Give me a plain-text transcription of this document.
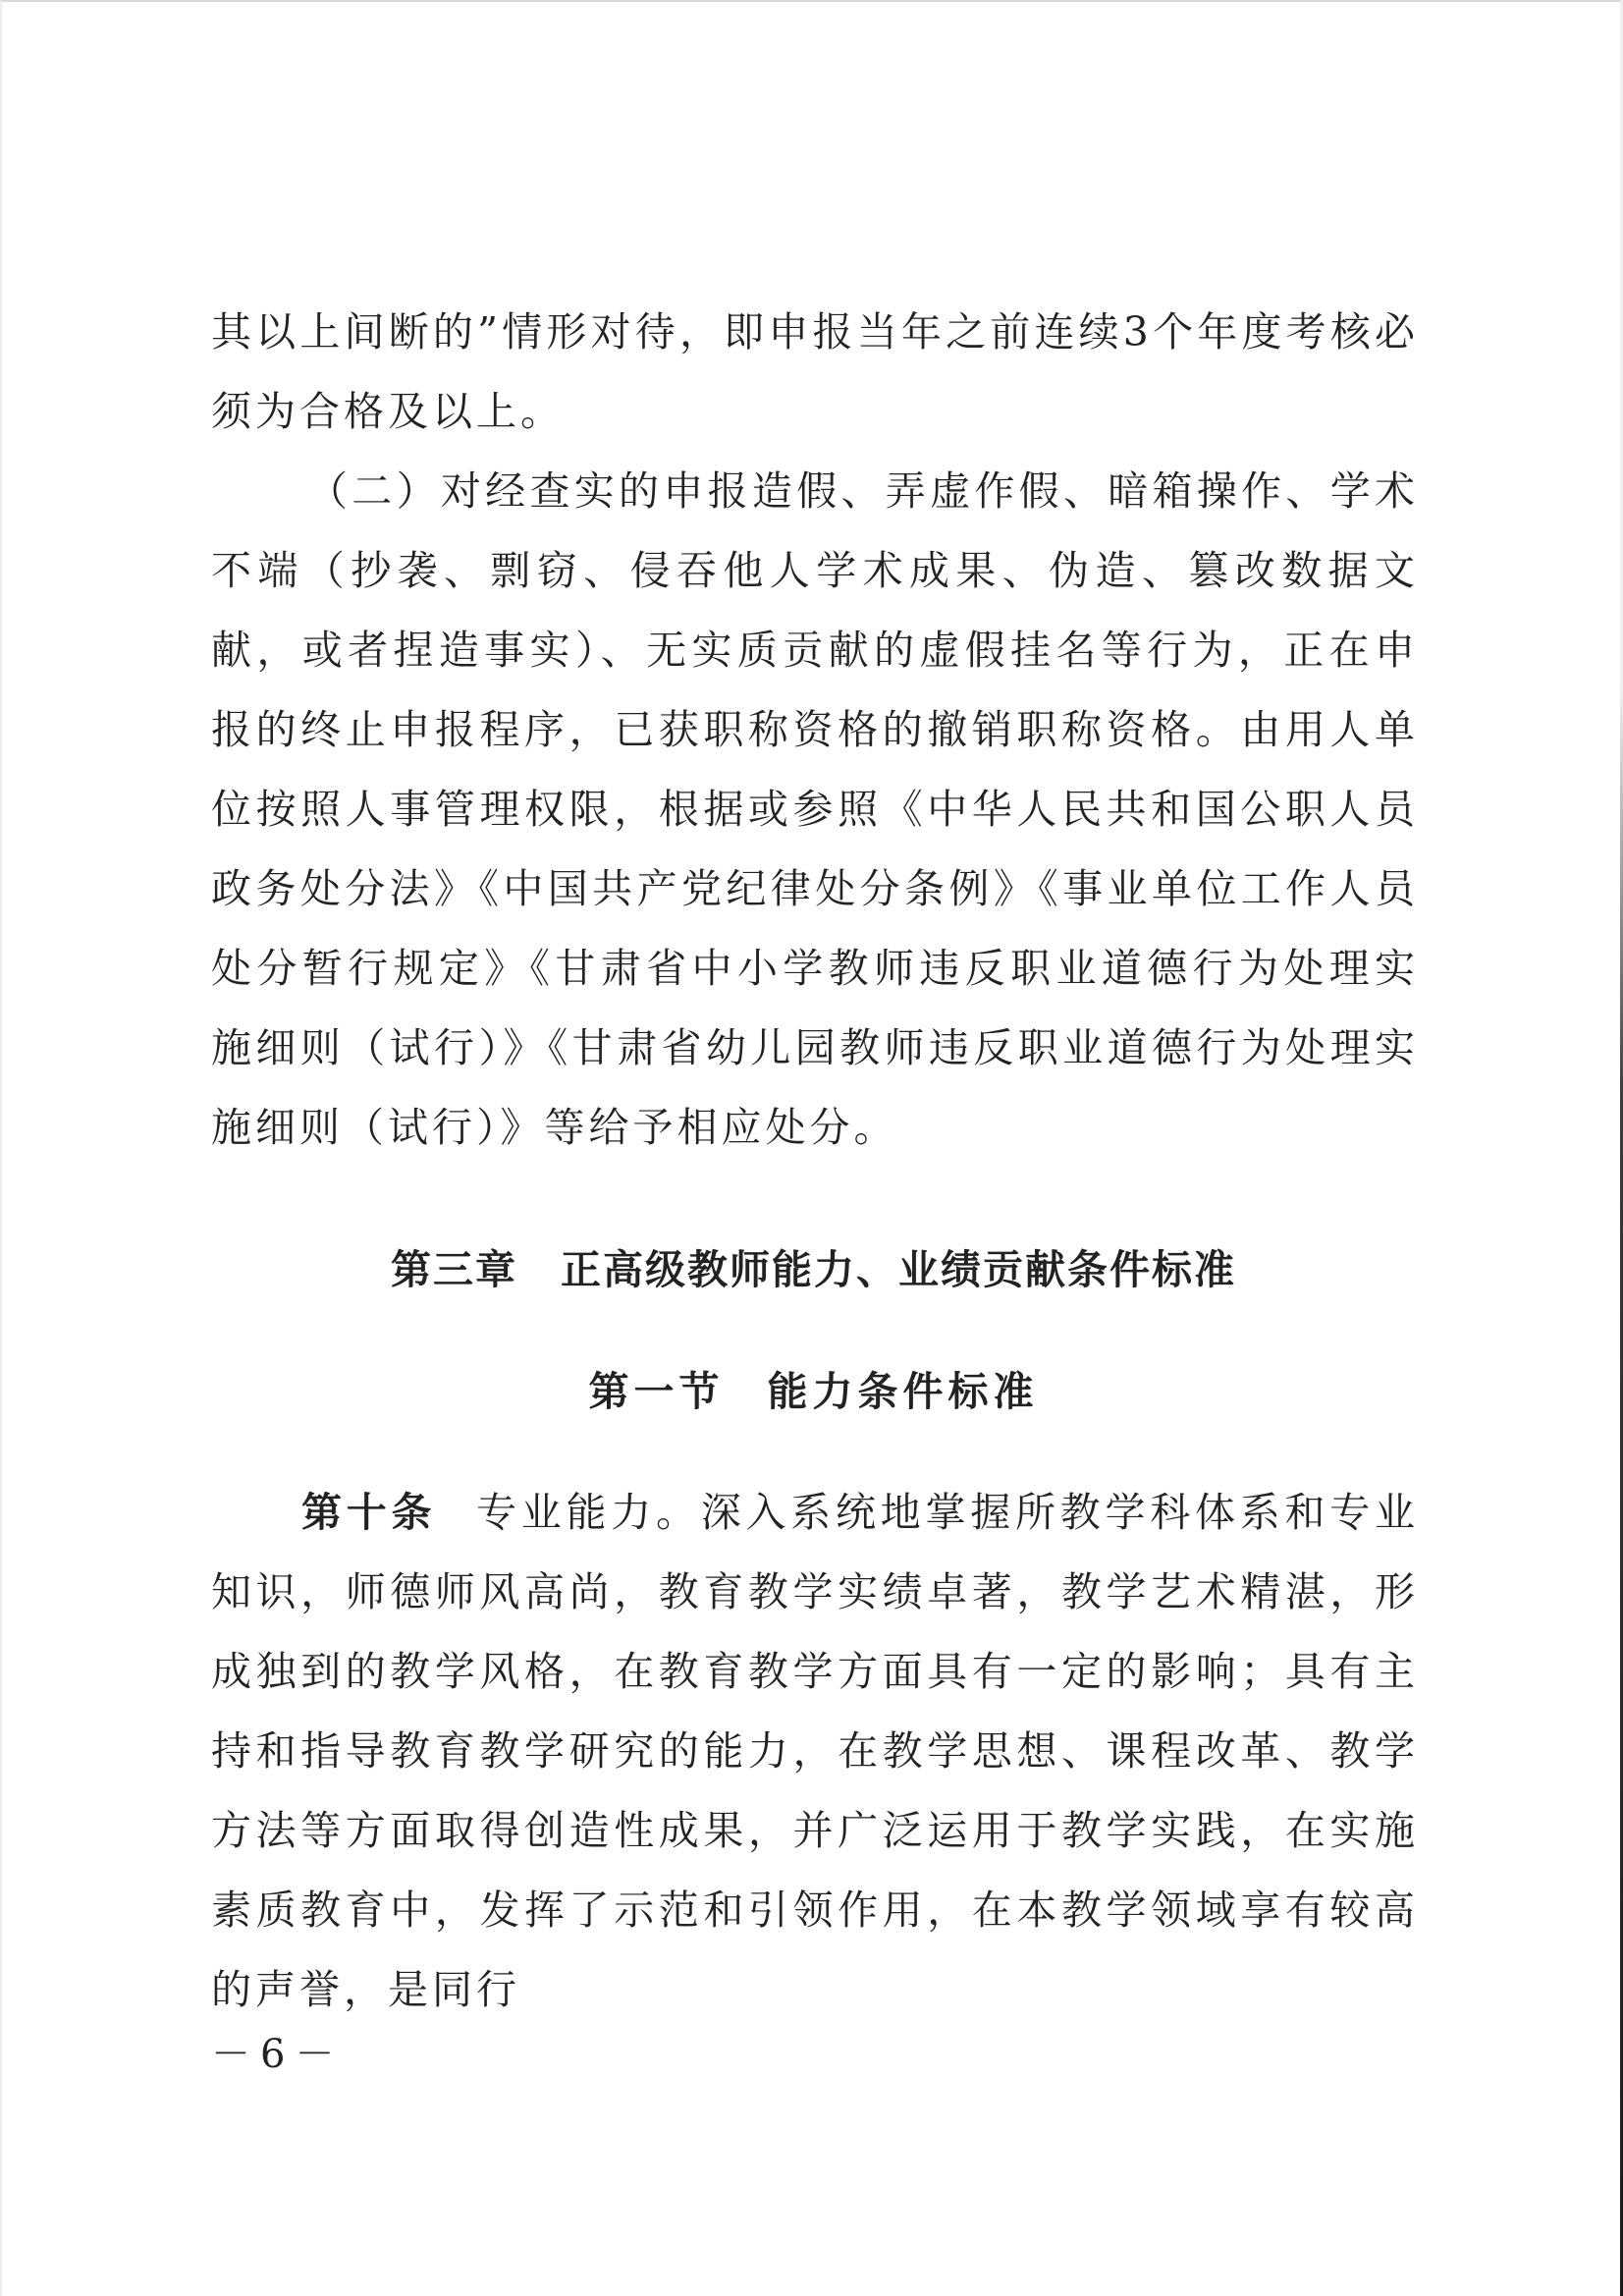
其以上间断的”情形对待，即申报当年之前连续3个年度考核必须为合格及以上。

（二）对经查实的申报造假、弄虚作假、暗箱操作、学术不端（抄袭、剽窃、侵吞他人学术成果、伪造、篡改数据文献，或者捏造事实）、无实质贡献的虚假挂名等行为，正在申报的终止申报程序，已获职称资格的撤销职称资格。由用人单位按照人事管理权限，根据或参照《中华人民共和国公职人员政务处分法》《中国共产党纪律处分条例》《事业单位工作人员处分暂行规定》《甘肃省中小学教师违反职业道德行为处理实施细则（试行）》《甘肃省幼儿园教师违反职业道德行为处理实施细则（试行）》等给予相应处分。

第三章 正高级教师能力、业绩贡献条件标准
第一节 能力条件标准

第十条 专业能力。深入系统地掌握所教学科体系和专业知识，师德师风高尚，教育教学实绩卓著，教学艺术精湛，形成独到的教学风格，在教育教学方面具有一定的影响；具有主持和指导教育教学研究的能力，在教学思想、课程改革、教学方法等方面取得创造性成果，并广泛运用于教学实践，在实施素质教育中，发挥了示范和引领作用，在本教学领域享有较高的声誉，是同行

－6－
